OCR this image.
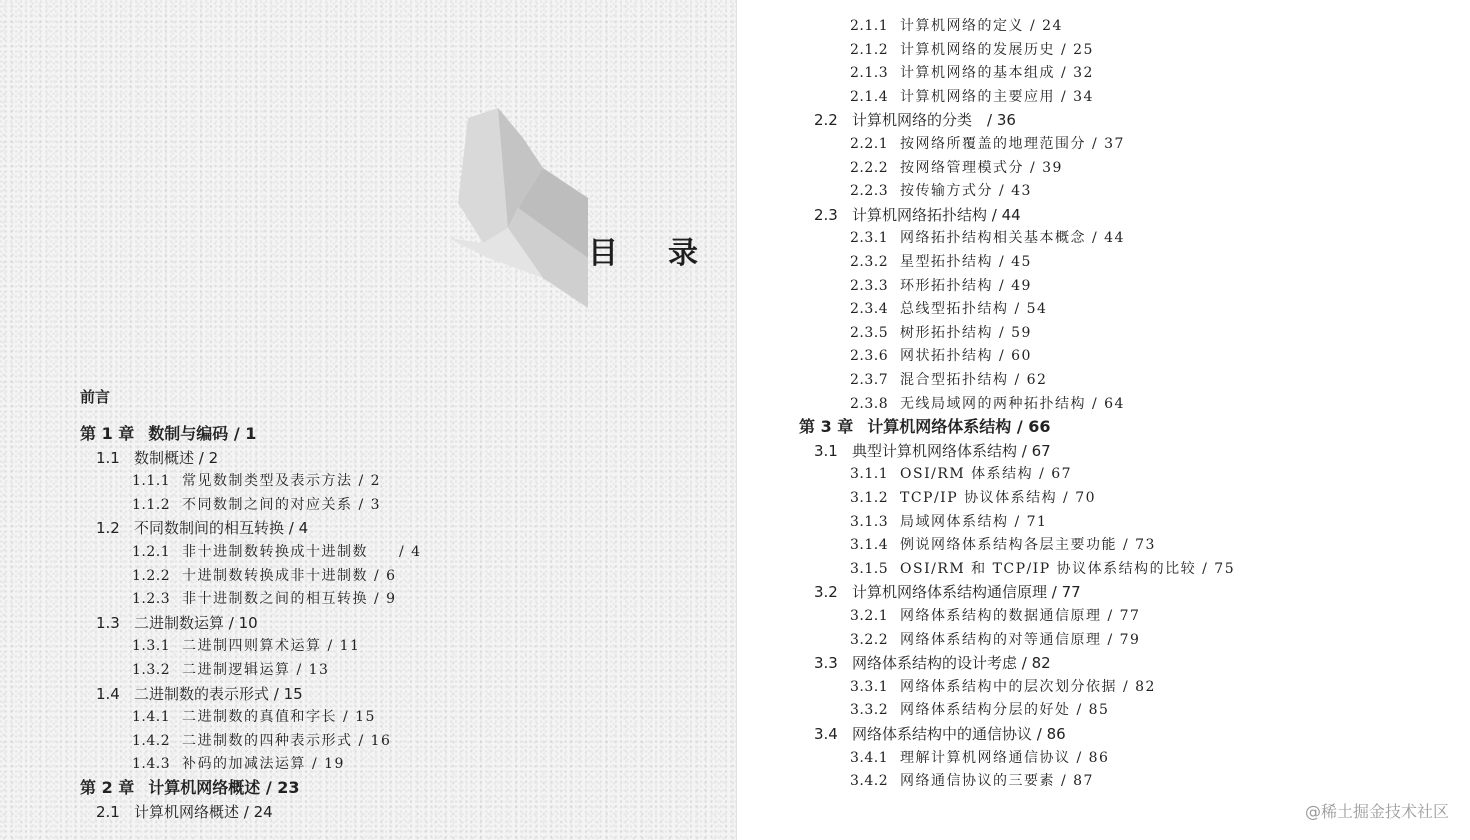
目 录
前言
第 1 章 数制与编码 / 1
1.1 数制概述 / 2
1.1.1 常见数制类型及表示方法 / 2
1.1.2 不同数制之间的对应关系 / 3
1.2 不同数制间的相互转换 / 4
1.2.1 非十进制数转换成十进制数　　/ 4
1.2.2 十进制数转换成非十进制数 / 6
1.2.3 非十进制数之间的相互转换 / 9
1.3 二进制数运算 / 10
1.3.1 二进制四则算术运算 / 11
1.3.2 二进制逻辑运算 / 13
1.4 二进制数的表示形式 / 15
1.4.1 二进制数的真值和字长 / 15
1.4.2 二进制数的四种表示形式 / 16
1.4.3 补码的加减法运算 / 19
第 2 章 计算机网络概述 / 23
2.1 计算机网络概述 / 24
2.1.1 计算机网络的定义 / 24
2.1.2 计算机网络的发展历史 / 25
2.1.3 计算机网络的基本组成 / 32
2.1.4 计算机网络的主要应用 / 34
2.2 计算机网络的分类　/ 36
2.2.1 按网络所覆盖的地理范围分 / 37
2.2.2 按网络管理模式分 / 39
2.2.3 按传输方式分 / 43
2.3 计算机网络拓扑结构 / 44
2.3.1 网络拓扑结构相关基本概念 / 44
2.3.2 星型拓扑结构 / 45
2.3.3 环形拓扑结构 / 49
2.3.4 总线型拓扑结构 / 54
2.3.5 树形拓扑结构 / 59
2.3.6 网状拓扑结构 / 60
2.3.7 混合型拓扑结构 / 62
2.3.8 无线局域网的两种拓扑结构 / 64
第 3 章 计算机网络体系结构 / 66
3.1 典型计算机网络体系结构 / 67
3.1.1 OSI/RM 体系结构 / 67
3.1.2 TCP/IP 协议体系结构 / 70
3.1.3 局域网体系结构 / 71
3.1.4 例说网络体系结构各层主要功能 / 73
3.1.5 OSI/RM 和 TCP/IP 协议体系结构的比较 / 75
3.2 计算机网络体系结构通信原理 / 77
3.2.1 网络体系结构的数据通信原理 / 77
3.2.2 网络体系结构的对等通信原理 / 79
3.3 网络体系结构的设计考虑 / 82
3.3.1 网络体系结构中的层次划分依据 / 82
3.3.2 网络体系结构分层的好处 / 85
3.4 网络体系结构中的通信协议 / 86
3.4.1 理解计算机网络通信协议 / 86
3.4.2 网络通信协议的三要素 / 87
@稀土掘金技术社区
